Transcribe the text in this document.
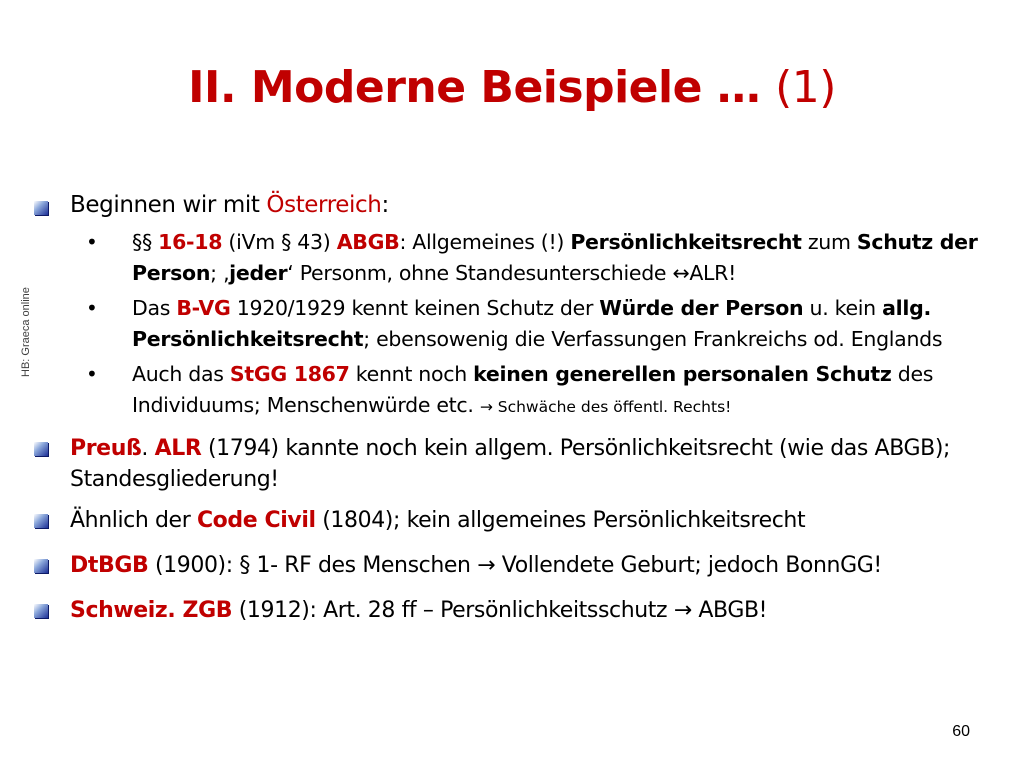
II. Moderne Beispiele … (1)
HB: Graeca online
Beginnen wir mit Österreich:
• §§ 16-18 (iVm § 43) ABGB: Allgemeines (!) Persönlichkeitsrecht zum Schutz der Person; ‚jeder‘ Personm, ohne Standesunterschiede ↔ALR!
• Das B-VG 1920/1929 kennt keinen Schutz der Würde der Person u. kein allg. Persönlichkeitsrecht; ebensowenig die Verfassungen Frankreichs od. Englands
• Auch das StGG 1867 kennt noch keinen generellen personalen Schutz des Individuums; Menschenwürde etc. → Schwäche des öffentl. Rechts!
Preuß. ALR (1794) kannte noch kein allgem. Persönlichkeitsrecht (wie das ABGB); Standesgliederung!
Ähnlich der Code Civil (1804); kein allgemeines Persönlichkeitsrecht
DtBGB (1900): § 1- RF des Menschen → Vollendete Geburt; jedoch BonnGG!
Schweiz. ZGB (1912): Art. 28 ff – Persönlichkeitsschutz → ABGB!
60
